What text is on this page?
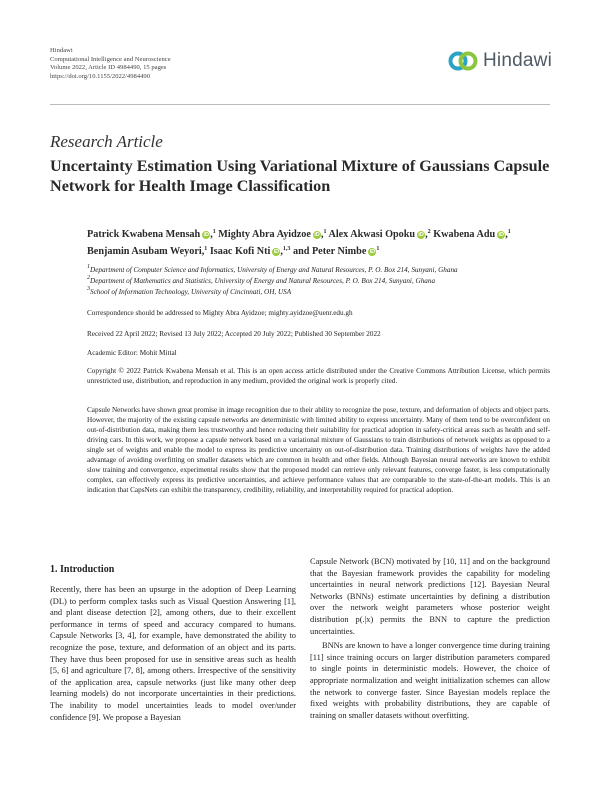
Hindawi
Computational Intelligence and Neuroscience
Volume 2022, Article ID 4984490, 15 pages
https://doi.org/10.1155/2022/4984490
Hindawi
Research Article
Uncertainty Estimation Using Variational Mixture of Gaussians Capsule Network for Health Image Classification
Patrick Kwabena Mensah iD,$^1$ Mighty Abra Ayidzoe iD,$^1$ Alex Akwasi Opoku iD,$^2$ Kwabena Adu iD,$^1$ Benjamin Asubam Weyori,$^1$ Isaac Kofi Nti iD,$^{1,3}$ and Peter Nimbe $iD^1$
$^1$Department of Computer Science and Informatics, University of Energy and Natural Resources, P. O. Box 214, Sunyani, Ghana
$^2$Department of Mathematics and Statistics, University of Energy and Natural Resources, P. O. Box 214, Sunyani, Ghana
$^3$School of Information Technology, University of Cincinnati, OH, USA
Correspondence should be addressed to Mighty Abra Ayidzoe; mighty.ayidzoe@uenr.edu.gh
Received 22 April 2022; Revised 13 July 2022; Accepted 20 July 2022; Published 30 September 2022
Academic Editor: Mohit Mittal
Copyright © 2022 Patrick Kwabena Mensah et al. This is an open access article distributed under the Creative Commons Attribution License, which permits unrestricted use, distribution, and reproduction in any medium, provided the original work is properly cited.
Capsule Networks have shown great promise in image recognition due to their ability to recognize the pose, texture, and deformation of objects and object parts. However, the majority of the existing capsule networks are deterministic with limited ability to express uncertainty. Many of them tend to be overconfident on out-of-distribution data, making them less trustworthy and hence reducing their suitability for practical adoption in safety-critical areas such as health and self-driving cars. In this work, we propose a capsule network based on a variational mixture of Gaussians to train distributions of network weights as opposed to a single set of weights and enable the model to express its predictive uncertainty on out-of-distribution data. Training distributions of weights have the added advantage of avoiding overfitting on smaller datasets which are common in health and other fields. Although Bayesian neural networks are known to exhibit slow training and convergence, experimental results show that the proposed model can retrieve only relevant features, converge faster, is less computationally complex, can effectively express its predictive uncertainties, and achieve performance values that are comparable to the state-of-the-art models. This is an indication that CapsNets can exhibit the transparency, credibility, reliability, and interpretability required for practical adoption.
1. Introduction

Recently, there has been an upsurge in the adoption of Deep Learning (DL) to perform complex tasks such as Visual Question Answering [1], and plant disease detection [2], among others, due to their excellent performance in terms of speed and accuracy compared to humans. Capsule Networks [3, 4], for example, have demonstrated the ability to recognize the pose, texture, and deformation of an object and its parts. They have thus been proposed for use in sensitive areas such as health [5, 6] and agriculture [7, 8], among others. Irrespective of the sensitivity of the application area, capsule networks (just like many other deep learning models) do not incorporate uncertainties in their predictions. The inability to model uncertainties leads to model over/under confidence [9]. We propose a Bayesian

Capsule Network (BCN) motivated by [10, 11] and on the background that the Bayesian framework provides the capability for modeling uncertainties in neural network predictions [12]. Bayesian Neural Networks (BNNs) estimate uncertainties by defining a distribution over the network weight parameters whose posterior weight distribution p(.|x) permits the BNN to capture the prediction uncertainties.

BNNs are known to have a longer convergence time during training [11] since training occurs on larger distribution parameters compared to single points in deterministic models. However, the choice of appropriate normalization and weight initialization schemes can allow the network to converge faster. Since Bayesian models replace the fixed weights with probability distributions, they are capable of training on smaller datasets without overfitting.
